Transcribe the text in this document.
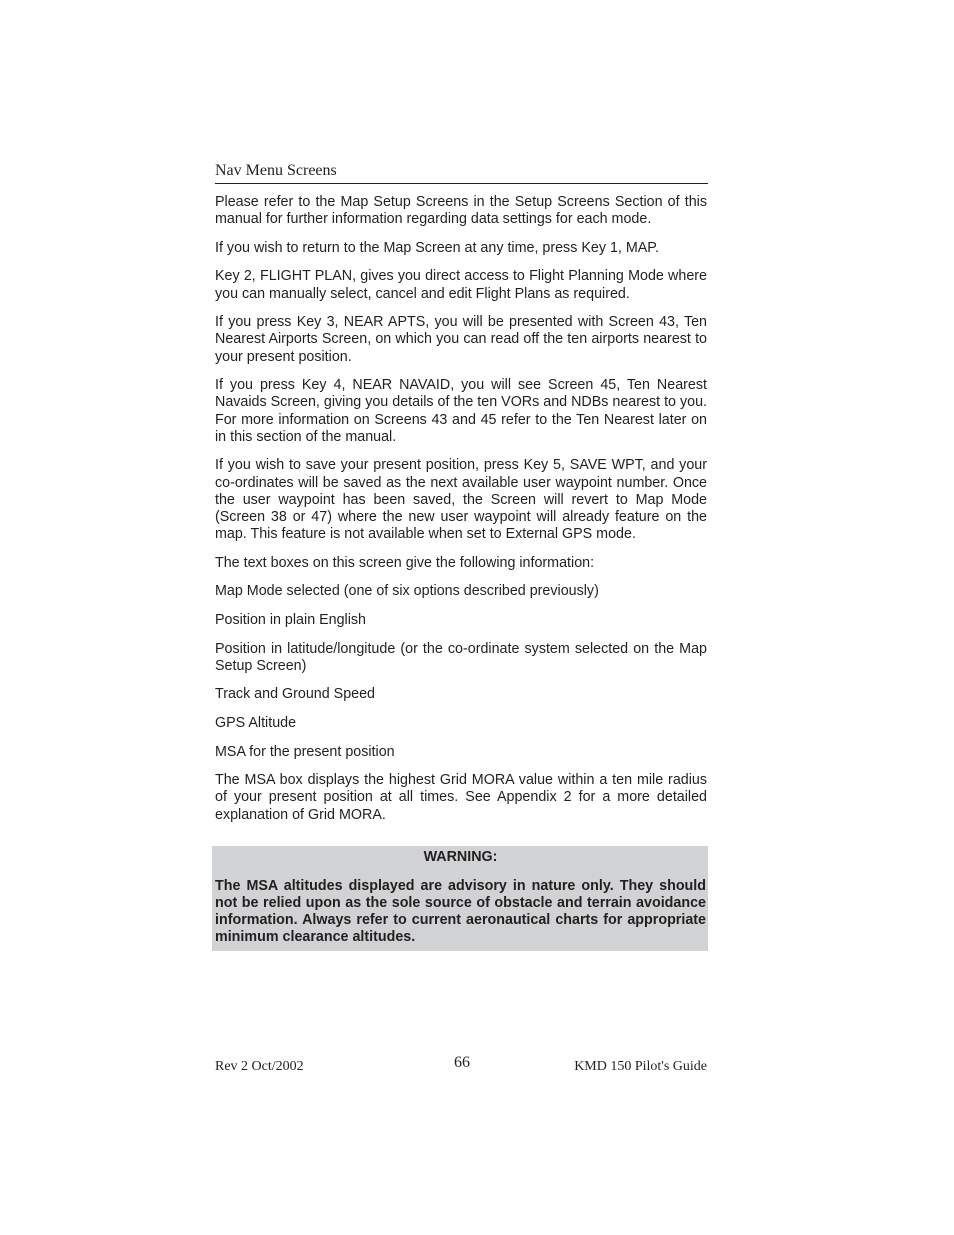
Nav Menu Screens

Please refer to the Map Setup Screens in the Setup Screens Section of this manual for further information regarding data settings for each mode.

If you wish to return to the Map Screen at any time, press Key 1, MAP.

Key 2, FLIGHT PLAN, gives you direct access to Flight Planning Mode where you can manually select, cancel and edit Flight Plans as required.

If you press Key 3, NEAR APTS, you will be presented with Screen 43, Ten Nearest Airports Screen, on which you can read off the ten airports nearest to your present position.

If you press Key 4, NEAR NAVAID, you will see Screen 45, Ten Nearest Navaids Screen, giving you details of the ten VORs and NDBs nearest to you. For more information on Screens 43 and 45 refer to the Ten Nearest later on in this section of the manual.

If you wish to save your present position, press Key 5, SAVE WPT, and your co-ordinates will be saved as the next available user waypoint number. Once the user waypoint has been saved, the Screen will revert to Map Mode (Screen 38 or 47) where the new user waypoint will already feature on the map. This feature is not available when set to External GPS mode.

The text boxes on this screen give the following information:

Map Mode selected (one of six options described previously)

Position in plain English

Position in latitude/longitude (or the co-ordinate system selected on the Map Setup Screen)

Track and Ground Speed

GPS Altitude

MSA for the present position

The MSA box displays the highest Grid MORA value within a ten mile radius of your present position at all times. See Appendix 2 for a more detailed explanation of Grid MORA.

WARNING:

The MSA altitudes displayed are advisory in nature only. They should not be relied upon as the sole source of obstacle and terrain avoidance information. Always refer to current aeronautical charts for appropriate minimum clearance altitudes.

Rev 2 Oct/2002	66	KMD 150 Pilot's Guide
